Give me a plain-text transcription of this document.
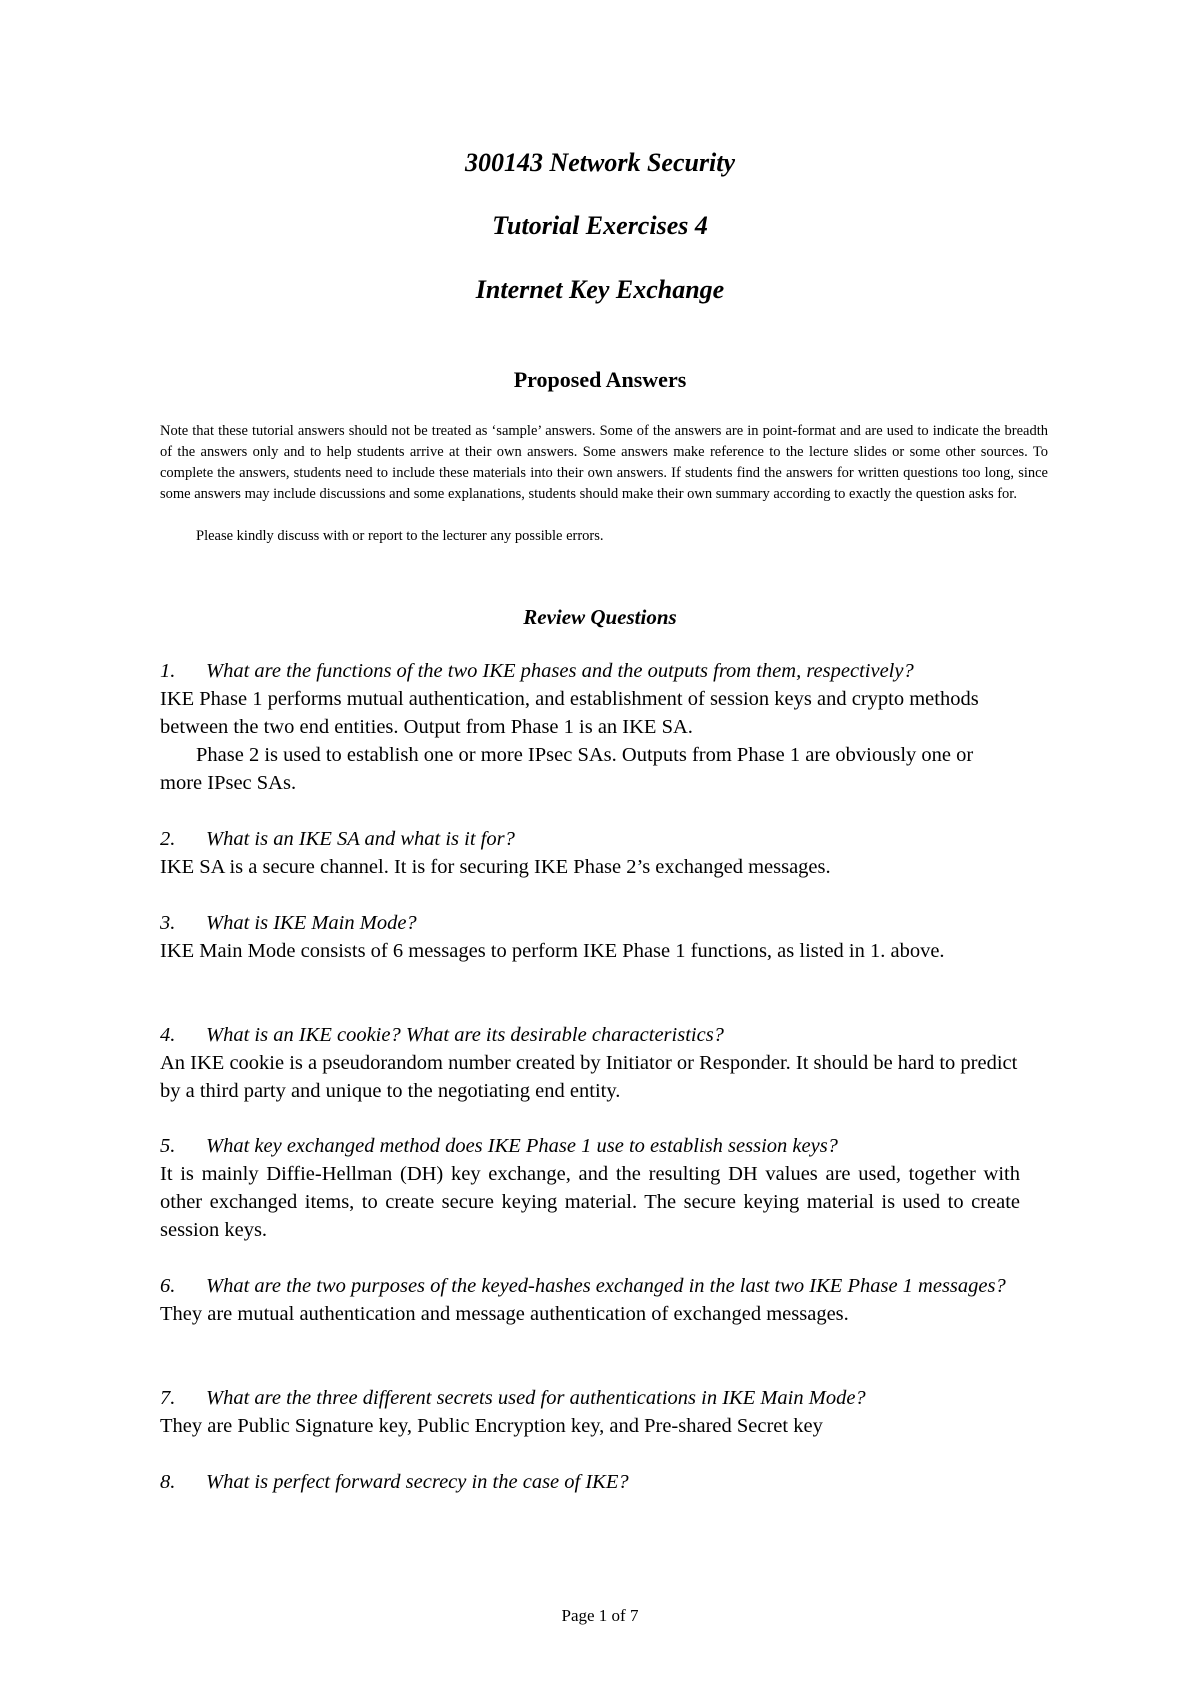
300143 Network Security
Tutorial Exercises 4
Internet Key Exchange
Proposed Answers

Note that these tutorial answers should not be treated as ‘sample’ answers. Some of the answers are in point-format and are used to indicate the breadth of the answers only and to help students arrive at their own answers. Some answers make reference to the lecture slides or some other sources. To complete the answers, students need to include these materials into their own answers. If students find the answers for written questions too long, since some answers may include discussions and some explanations, students should make their own summary according to exactly the question asks for.

Please kindly discuss with or report to the lecturer any possible errors.

Review Questions
1.	What are the functions of the two IKE phases and the outputs from them, respectively?

IKE Phase 1 performs mutual authentication, and establishment of session keys and crypto methods between the two end entities. Output from Phase 1 is an IKE SA.

Phase 2 is used to establish one or more IPsec SAs. Outputs from Phase 1 are obviously one or more IPsec SAs.

2.	What is an IKE SA and what is it for?

IKE SA is a secure channel. It is for securing IKE Phase 2’s exchanged messages.

3.	What is IKE Main Mode?

IKE Main Mode consists of 6 messages to perform IKE Phase 1 functions, as listed in 1. above.

4.	What is an IKE cookie? What are its desirable characteristics?

An IKE cookie is a pseudorandom number created by Initiator or Responder. It should be hard to predict by a third party and unique to the negotiating end entity.

5.	What key exchanged method does IKE Phase 1 use to establish session keys?

It is mainly Diffie-Hellman (DH) key exchange, and the resulting DH values are used, together with other exchanged items, to create secure keying material. The secure keying material is used to create session keys.

6.	What are the two purposes of the keyed-hashes exchanged in the last two IKE Phase 1 messages?

They are mutual authentication and message authentication of exchanged messages.

7.	What are the three different secrets used for authentications in IKE Main Mode?

They are Public Signature key, Public Encryption key, and Pre-shared Secret key

8.	What is perfect forward secrecy in the case of IKE?

Page 1 of 7
